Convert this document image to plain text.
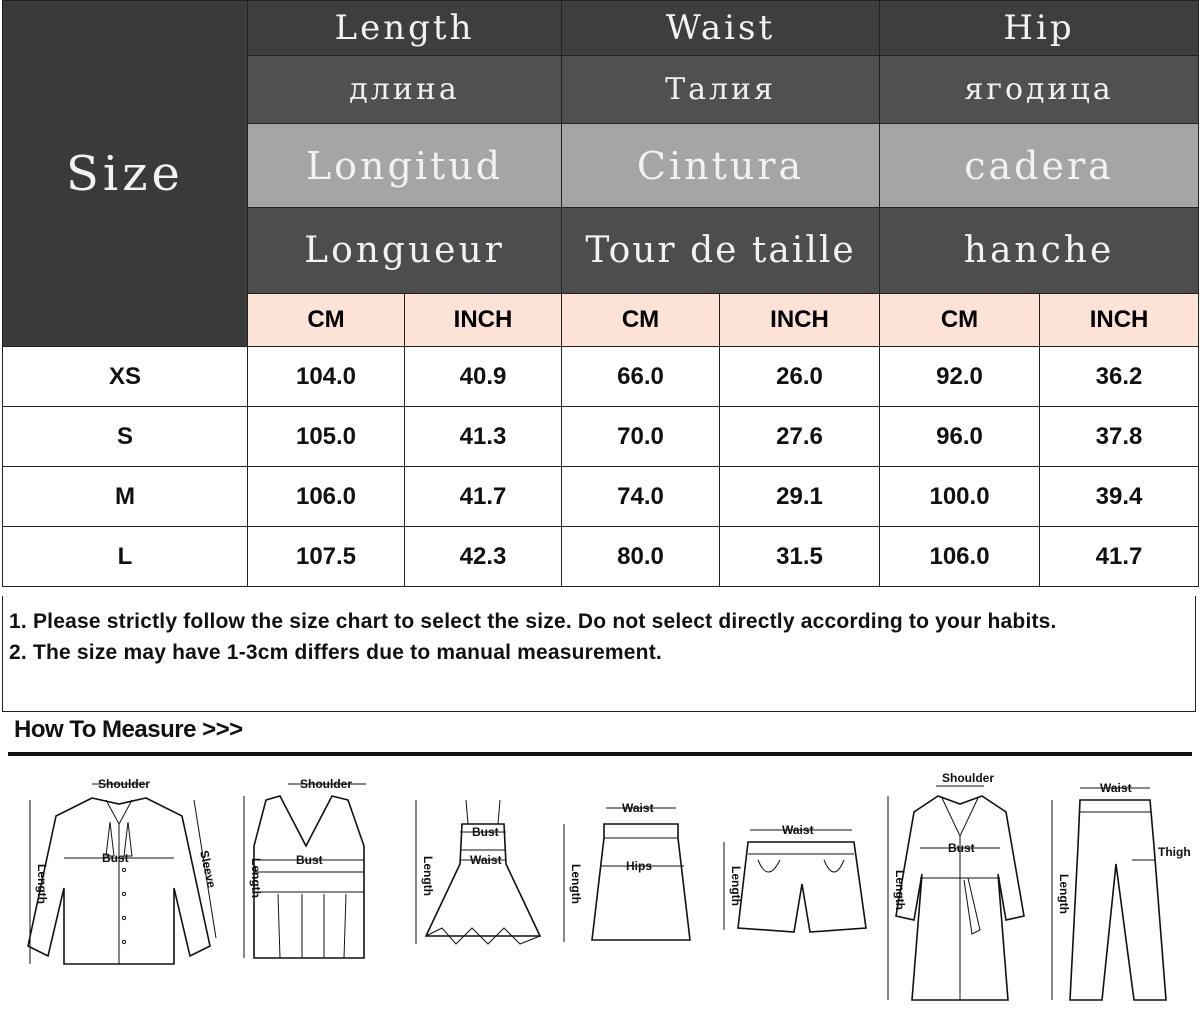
Size	Length		Waist		Hip	
	длина		Талия		ягодица	
	Longitud		Cintura		cadera	
	Longueur		Tour de taille		hanche	
	CM	INCH	CM	INCH	CM	INCH
XS	104.0	40.9	66.0	26.0	92.0	36.2
S	105.0	41.3	70.0	27.6	96.0	37.8
M	106.0	41.7	74.0	29.1	100.0	39.4
L	107.5	42.3	80.0	31.5	106.0	41.7

1. Please strictly follow the size chart to select the size. Do not select directly according to your habits.

2. The size may have 1-3cm differs due to manual measurement.

How To Measure >>>
Shoulder
Bust
Length	Sleeve
Shoulder
Bust
Length
Bust
Waist
Length
Waist
Hips
Length
Waist
Length
Shoulder
Bust
Length
Waist
Thigh
Length
